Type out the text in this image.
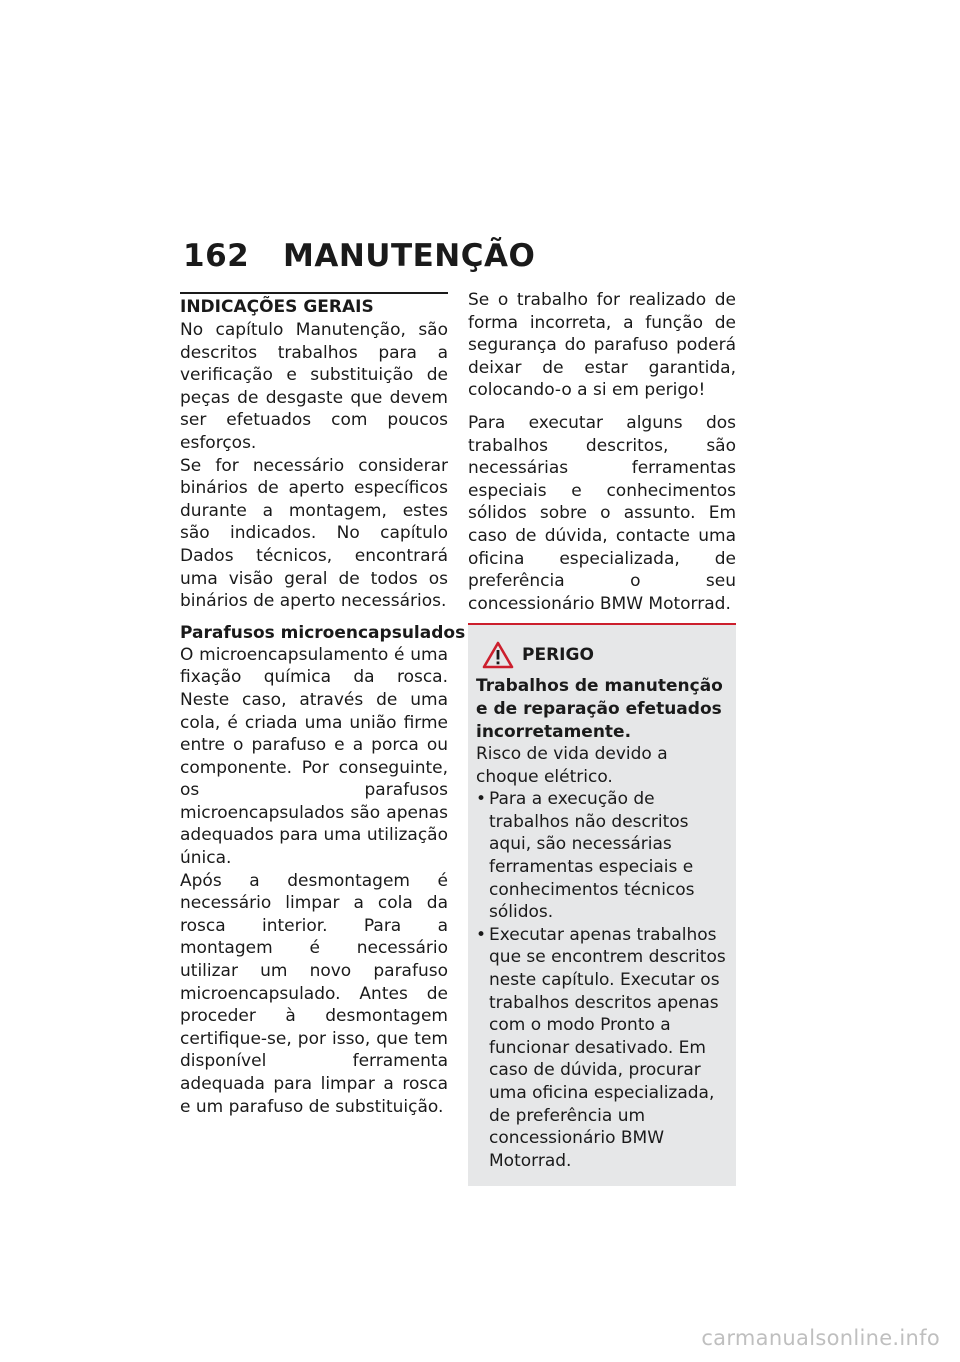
162 MANUTENÇÃO
INDICAÇÕES GERAIS

No capítulo Manutenção, são descritos trabalhos para a verificação e substituição de peças de desgaste que devem ser efetuados com poucos esforços.

Se for necessário considerar binários de aperto específicos durante a montagem, estes são indicados. No capítulo Dados técnicos, encontrará uma visão geral de todos os binários de aperto necessários.

Parafusos microencapsulados

O microencapsulamento é uma fixação química da rosca. Neste caso, através de uma cola, é criada uma união firme entre o parafuso e a porca ou componente. Por conseguinte, os parafusos microencapsulados são apenas adequados para uma utilização única.

Após a desmontagem é necessário limpar a cola da rosca interior. Para a montagem é necessário utilizar um novo parafuso microencapsulado. Antes de proceder à desmontagem certifique-se, por isso, que tem disponível ferramenta adequada para limpar a rosca e um parafuso de substituição.

Se o trabalho for realizado de forma incorreta, a função de segurança do parafuso poderá deixar de estar garantida, colocando-o a si em perigo!

Para executar alguns dos trabalhos descritos, são necessárias ferramentas especiais e conhecimentos sólidos sobre o assunto. Em caso de dúvida, contacte uma oficina especializada, de preferência o seu concessionário BMW Motorrad.

PERIGO
Trabalhos de manutenção e de reparação efetuados incorretamente.

Risco de vida devido a choque elétrico.

• Para a execução de trabalhos não descritos aqui, são necessárias ferramentas especiais e conhecimentos técnicos sólidos.
• Executar apenas trabalhos que se encontrem descritos neste capítulo. Executar os trabalhos descritos apenas com o modo Pronto a funcionar desativado. Em caso de dúvida, procurar uma oficina especializada, de preferência um concessionário BMW Motorrad.
carmanualsonline.info
